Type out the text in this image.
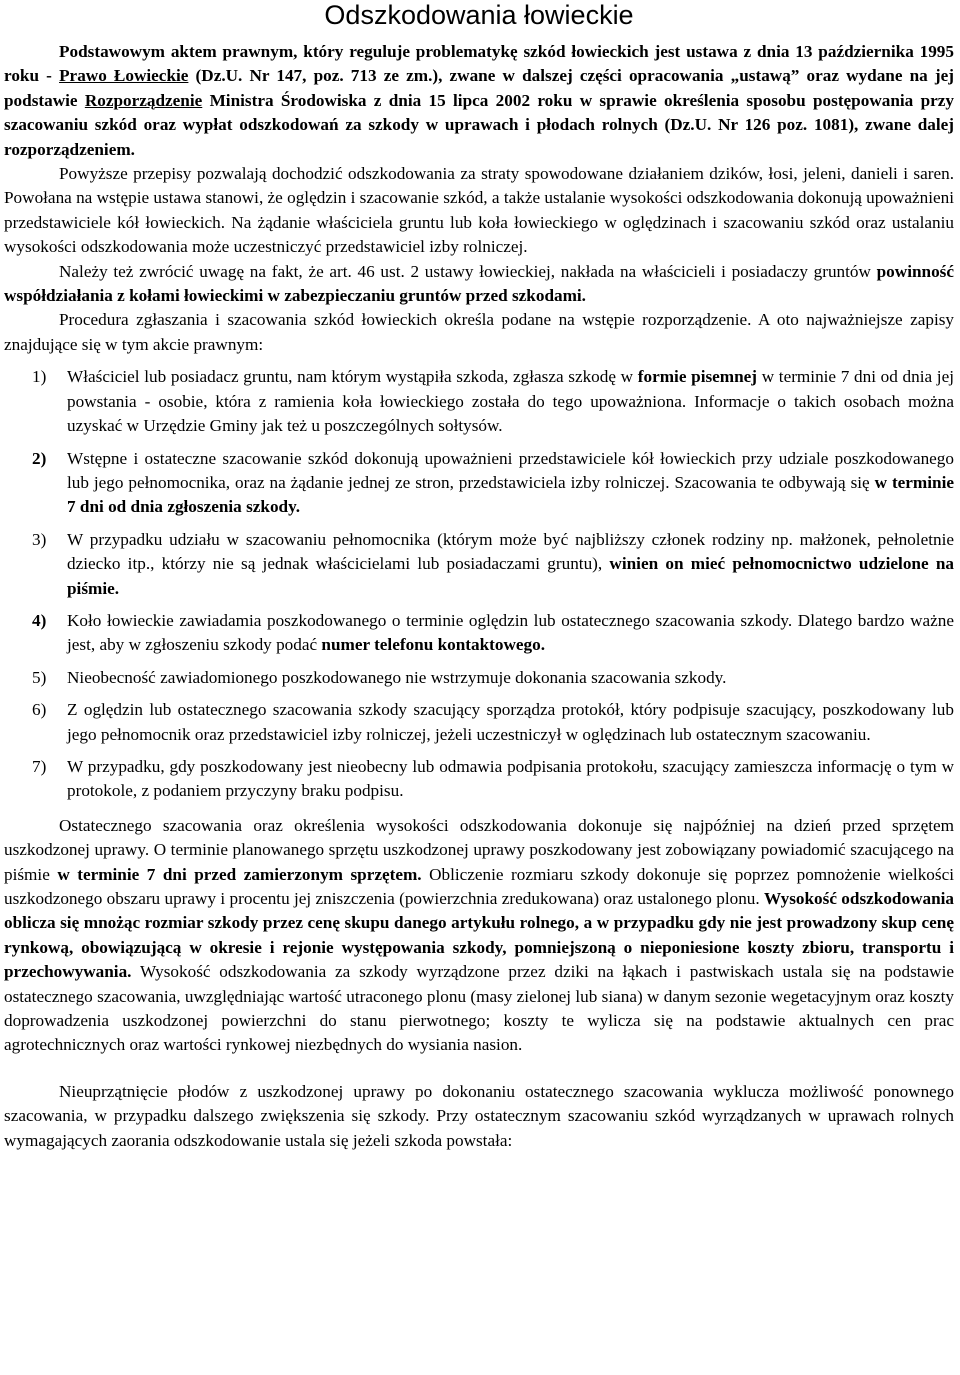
Odszkodowania łowieckie

Podstawowym aktem prawnym, który reguluje problematykę szkód łowieckich jest ustawa z dnia 13 października 1995 roku - Prawo Łowieckie (Dz.U. Nr 147, poz. 713 ze zm.), zwane w dalszej części opracowania „ustawą” oraz wydane na jej podstawie Rozporządzenie Ministra Środowiska z dnia 15 lipca 2002 roku w sprawie określenia sposobu postępowania przy szacowaniu szkód oraz wypłat odszkodowań za szkody w uprawach i płodach rolnych (Dz.U. Nr 126 poz. 1081), zwane dalej rozporządzeniem.

Powyższe przepisy pozwalają dochodzić odszkodowania za straty spowodowane działaniem dzików, łosi, jeleni, danieli i saren. Powołana na wstępie ustawa stanowi, że oględzin i szacowanie szkód, a także ustalanie wysokości odszkodowania dokonują upoważnieni przedstawiciele kół łowieckich. Na żądanie właściciela gruntu lub koła łowieckiego w oględzinach i szacowaniu szkód oraz ustalaniu wysokości odszkodowania może uczestniczyć przedstawiciel izby rolniczej.

Należy też zwrócić uwagę na fakt, że art. 46 ust. 2 ustawy łowieckiej, nakłada na właścicieli i posiadaczy gruntów powinność współdziałania z kołami łowieckimi w zabezpieczaniu gruntów przed szkodami.

Procedura zgłaszania i szacowania szkód łowieckich określa podane na wstępie rozporządzenie. A oto najważniejsze zapisy znajdujące się w tym akcie prawnym:

1) Właściciel lub posiadacz gruntu, nam którym wystąpiła szkoda, zgłasza szkodę w formie pisemnej w terminie 7 dni od dnia jej powstania - osobie, która z ramienia koła łowieckiego została do tego upoważniona. Informacje o takich osobach można uzyskać w Urzędzie Gminy jak też u poszczególnych sołtysów.
2) Wstępne i ostateczne szacowanie szkód dokonują upoważnieni przedstawiciele kół łowieckich przy udziale poszkodowanego lub jego pełnomocnika, oraz na żądanie jednej ze stron, przedstawiciela izby rolniczej. Szacowania te odbywają się w terminie 7 dni od dnia zgłoszenia szkody.
3) W przypadku udziału w szacowaniu pełnomocnika (którym może być najbliższy członek rodziny np. małżonek, pełnoletnie dziecko itp., którzy nie są jednak właścicielami lub posiadaczami gruntu), winien on mieć pełnomocnictwo udzielone na piśmie.
4) Koło łowieckie zawiadamia poszkodowanego o terminie oględzin lub ostatecznego szacowania szkody. Dlatego bardzo ważne jest, aby w zgłoszeniu szkody podać numer telefonu kontaktowego.
5) Nieobecność zawiadomionego poszkodowanego nie wstrzymuje dokonania szacowania szkody.
6) Z oględzin lub ostatecznego szacowania szkody szacujący sporządza protokół, który podpisuje szacujący, poszkodowany lub jego pełnomocnik oraz przedstawiciel izby rolniczej, jeżeli uczestniczył w oględzinach lub ostatecznym szacowaniu.
7) W przypadku, gdy poszkodowany jest nieobecny lub odmawia podpisania protokołu, szacujący zamieszcza informację o tym w protokole, z podaniem przyczyny braku podpisu.

Ostatecznego szacowania oraz określenia wysokości odszkodowania dokonuje się najpóźniej na dzień przed sprzętem uszkodzonej uprawy. O terminie planowanego sprzętu uszkodzonej uprawy poszkodowany jest zobowiązany powiadomić szacującego na piśmie w terminie 7 dni przed zamierzonym sprzętem. Obliczenie rozmiaru szkody dokonuje się poprzez pomnożenie wielkości uszkodzonego obszaru uprawy i procentu jej zniszczenia (powierzchnia zredukowana) oraz ustalonego plonu. Wysokość odszkodowania oblicza się mnożąc rozmiar szkody przez cenę skupu danego artykułu rolnego, a w przypadku gdy nie jest prowadzony skup cenę rynkową, obowiązującą w okresie i rejonie występowania szkody, pomniejszoną o nieponiesione koszty zbioru, transportu i przechowywania. Wysokość odszkodowania za szkody wyrządzone przez dziki na łąkach i pastwiskach ustala się na podstawie ostatecznego szacowania, uwzględniając wartość utraconego plonu (masy zielonej lub siana) w danym sezonie wegetacyjnym oraz koszty doprowadzenia uszkodzonej powierzchni do stanu pierwotnego; koszty te wylicza się na podstawie aktualnych cen prac agrotechnicznych oraz wartości rynkowej niezbędnych do wysiania nasion.

Nieuprzątnięcie płodów z uszkodzonej uprawy po dokonaniu ostatecznego szacowania wyklucza możliwość ponownego szacowania, w przypadku dalszego zwiększenia się szkody. Przy ostatecznym szacowaniu szkód wyrządzanych w uprawach rolnych wymagających zaorania odszkodowanie ustala się jeżeli szkoda powstała:
